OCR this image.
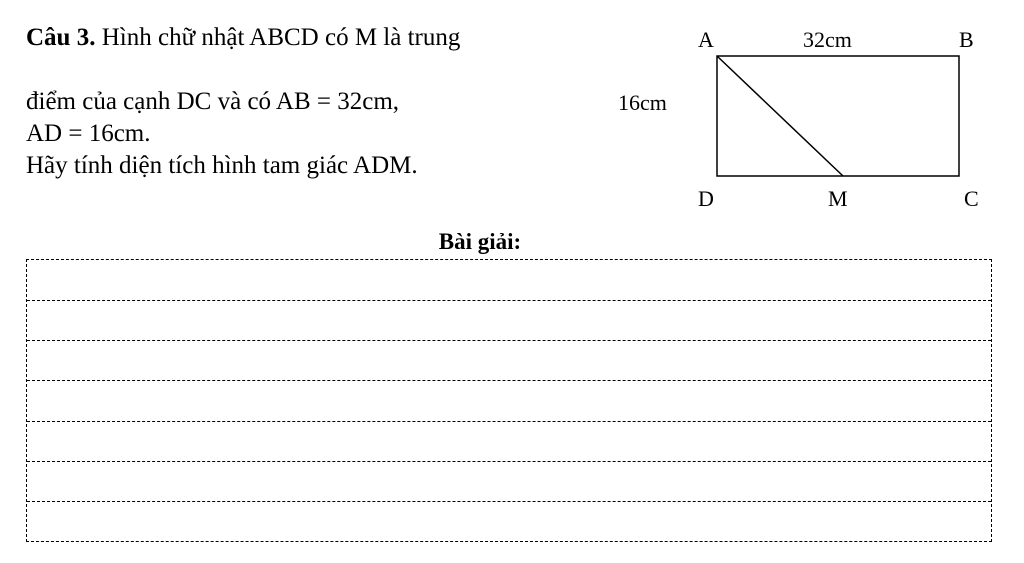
Câu 3. Hình chữ nhật ABCD có M là trung
điểm của cạnh DC và có AB = 32cm,
AD = 16cm.
Hãy tính diện tích hình tam giác ADM.
A	B
C
D	M
32cm
16cm
Bài giải:
